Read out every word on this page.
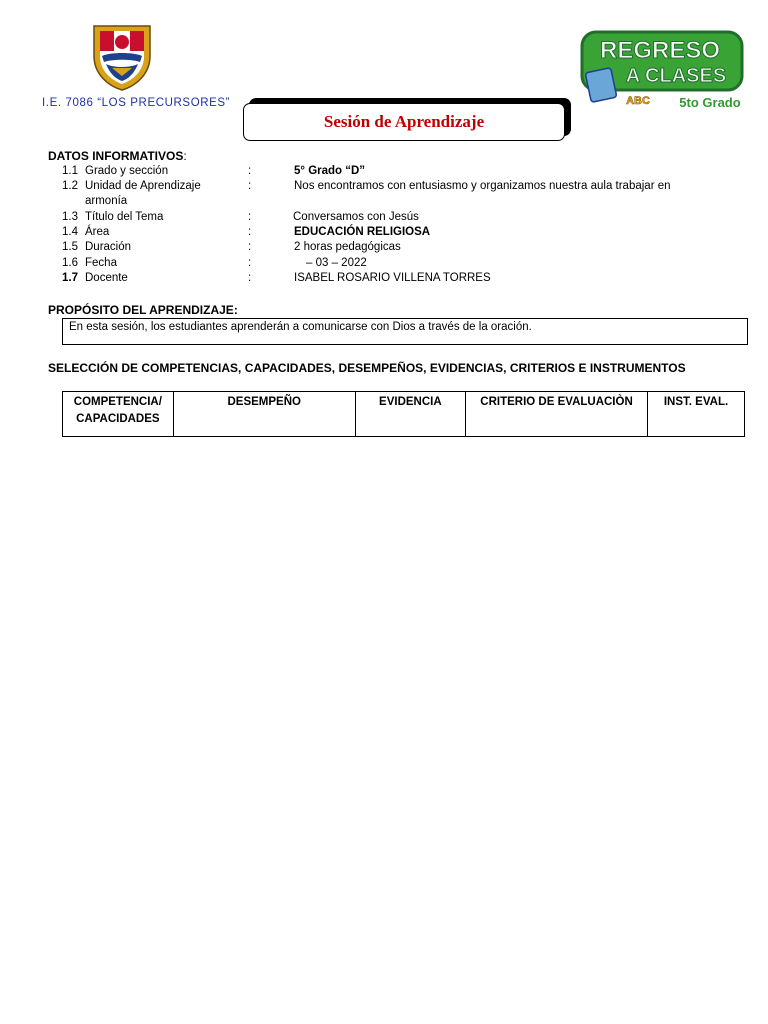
I.E. 7086 “LOS PRECURSORES”
Sesión de Aprendizaje
REGRESO
A CLASES
ABC 5to Grado
DATOS INFORMATIVOS:
1.1 Grado y sección	:	5° Grado “D”
1.2 Unidad de Aprendizaje	:	Nos encontramos con entusiasmo y organizamos nuestra aula trabajar en
armonía
1.3 Título del Tema	:	Conversamos con Jesús
1.4 Área	:	EDUCACIÓN RELIGIOSA
1.5 Duración	:	2 horas pedagógicas
1.6 Fecha	:	– 03 – 2022
1.7 Docente	:	ISABEL ROSARIO VILLENA TORRES
PROPÓSITO DEL APRENDIZAJE:
En esta sesión, los estudiantes aprenderán a comunicarse con Dios a través de la oración.
SELECCIÓN DE COMPETENCIAS, CAPACIDADES, DESEMPEÑOS, EVIDENCIAS, CRITERIOS E INSTRUMENTOS
COMPETENCIA/ CAPACIDADES	DESEMPEÑO	EVIDENCIA	CRITERIO DE EVALUACIÒN	INST. EVAL.
